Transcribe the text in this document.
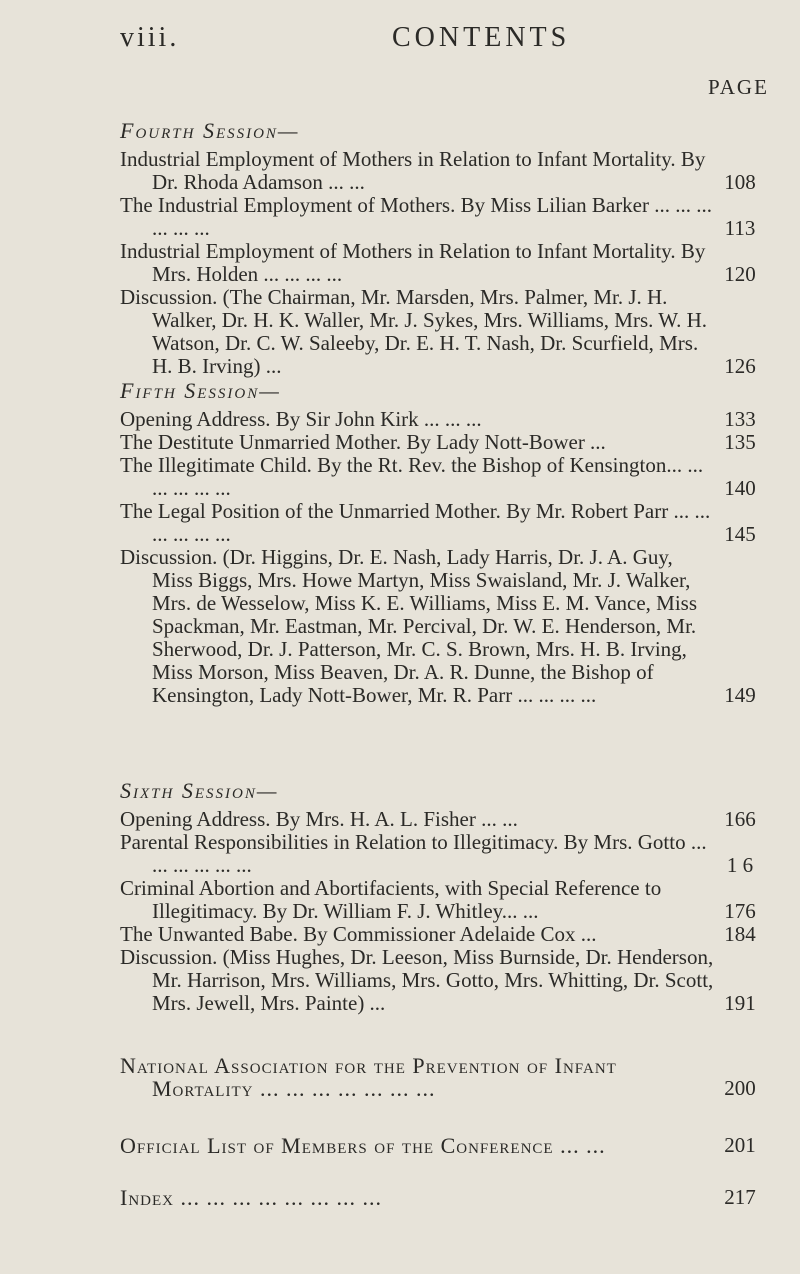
viii.	CONTENTS
PAGE
Fourth Session—
Industrial Employment of Mothers in Relation to Infant Mortality. By Dr. Rhoda Adamson ... ...	108
The Industrial Employment of Mothers. By Miss Lilian Barker ... ... ... ... ... ...	113
Industrial Employment of Mothers in Relation to Infant Mortality. By Mrs. Holden ... ... ... ...	120
Discussion. (The Chairman, Mr. Marsden, Mrs. Palmer, Mr. J. H. Walker, Dr. H. K. Waller, Mr. J. Sykes, Mrs. Williams, Mrs. W. H. Watson, Dr. C. W. Saleeby, Dr. E. H. T. Nash, Dr. Scurfield, Mrs. H. B. Irving) ...	126
Fifth Session—
Opening Address. By Sir John Kirk ... ... ...	133
The Destitute Unmarried Mother. By Lady Nott-Bower ...	135
The Illegitimate Child. By the Rt. Rev. the Bishop of Kensington... ... ... ... ... ...	140
The Legal Position of the Unmarried Mother. By Mr. Robert Parr ... ... ... ... ... ...	145
Discussion. (Dr. Higgins, Dr. E. Nash, Lady Harris, Dr. J. A. Guy, Miss Biggs, Mrs. Howe Martyn, Miss Swaisland, Mr. J. Walker, Mrs. de Wesselow, Miss K. E. Williams, Miss E. M. Vance, Miss Spackman, Mr. Eastman, Mr. Percival, Dr. W. E. Henderson, Mr. Sherwood, Dr. J. Patterson, Mr. C. S. Brown, Mrs. H. B. Irving, Miss Morson, Miss Beaven, Dr. A. R. Dunne, the Bishop of Kensington, Lady Nott-Bower, Mr. R. Parr ... ... ... ...	149
Sixth Session—
Opening Address. By Mrs. H. A. L. Fisher ... ...	166
Parental Responsibilities in Relation to Illegitimacy. By Mrs. Gotto ... ... ... ... ... ...	1 6
Criminal Abortion and Abortifacients, with Special Reference to Illegitimacy. By Dr. William F. J. Whitley... ...	176
The Unwanted Babe. By Commissioner Adelaide Cox ...	184
Discussion. (Miss Hughes, Dr. Leeson, Miss Burnside, Dr. Henderson, Mr. Harrison, Mrs. Williams, Mrs. Gotto, Mrs. Whitting, Dr. Scott, Mrs. Jewell, Mrs. Painte) ...	191
National Association for the Prevention of Infant Mortality ... ... ... ... ... ... ...	200
Official List of Members of the Conference ... ...	201
Index ... ... ... ... ... ... ... ...	217
